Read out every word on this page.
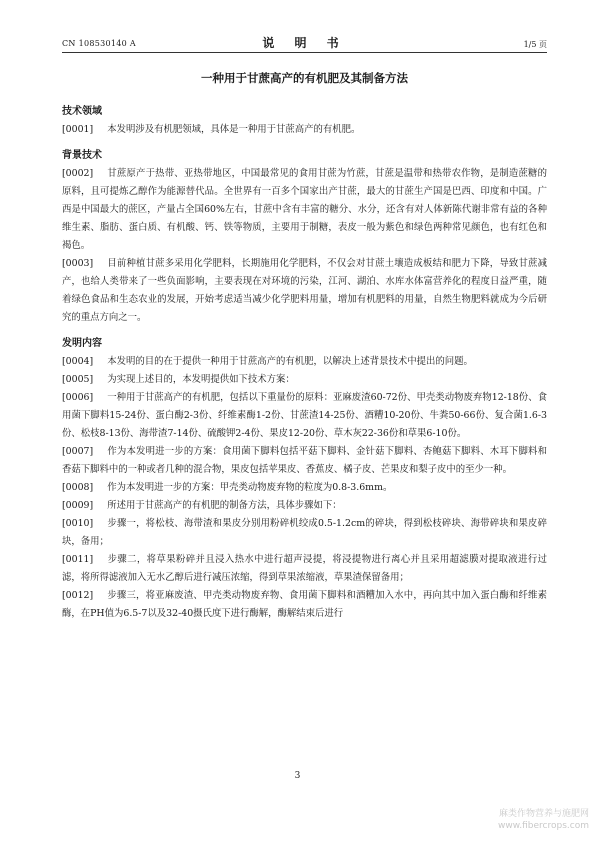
CN 108530140 A	说 明 书	1/5 页
一种用于甘蔗高产的有机肥及其制备方法
技术领域
[0001] 本发明涉及有机肥领域，具体是一种用于甘蔗高产的有机肥。
背景技术
[0002] 甘蔗原产于热带、亚热带地区，中国最常见的食用甘蔗为竹蔗，甘蔗是温带和热带农作物，是制造蔗糖的原料，且可提炼乙醇作为能源替代品。全世界有一百多个国家出产甘蔗，最大的甘蔗生产国是巴西、印度和中国。广西是中国最大的蔗区，产量占全国60%左右，甘蔗中含有丰富的糖分、水分，还含有对人体新陈代谢非常有益的各种维生素、脂肪、蛋白质、有机酸、钙、铁等物质，主要用于制糖，表皮一般为紫色和绿色两种常见颜色，也有红色和褐色。
[0003] 目前种植甘蔗多采用化学肥料，长期施用化学肥料，不仅会对甘蔗土壤造成板结和肥力下降，导致甘蔗减产，也给人类带来了一些负面影响，主要表现在对环境的污染，江河、湖泊、水库水体富营养化的程度日益严重，随着绿色食品和生态农业的发展，开始考虑适当减少化学肥料用量，增加有机肥料的用量，自然生物肥料就成为今后研究的重点方向之一。
发明内容
[0004] 本发明的目的在于提供一种用于甘蔗高产的有机肥，以解决上述背景技术中提出的问题。
[0005] 为实现上述目的，本发明提供如下技术方案：
[0006] 一种用于甘蔗高产的有机肥，包括以下重量份的原料：亚麻废渣60-72份、甲壳类动物废弃物12-18份、食用菌下脚料15-24份、蛋白酶2-3份、纤维素酶1-2份、甘蔗渣14-25份、酒糟10-20份、牛粪50-66份、复合菌1.6-3份、松枝8-13份、海带渣7-14份、硫酸钾2-4份、果皮12-20份、草木灰22-36份和草果6-10份。
[0007] 作为本发明进一步的方案：食用菌下脚料包括平菇下脚料、金针菇下脚料、杏鲍菇下脚料、木耳下脚料和香菇下脚料中的一种或者几种的混合物，果皮包括苹果皮、香蕉皮、橘子皮、芒果皮和梨子皮中的至少一种。
[0008] 作为本发明进一步的方案：甲壳类动物废弃物的粒度为0.8-3.6mm。
[0009] 所述用于甘蔗高产的有机肥的制备方法，具体步骤如下：
[0010] 步骤一，将松枝、海带渣和果皮分别用粉碎机绞成0.5-1.2cm的碎块，得到松枝碎块、海带碎块和果皮碎块，备用；
[0011] 步骤二，将草果粉碎并且浸入热水中进行超声浸提，将浸提物进行离心并且采用超滤膜对提取液进行过滤，将所得滤液加入无水乙醇后进行减压浓缩，得到草果浓缩液，草果渣保留备用；
[0012] 步骤三，将亚麻废渣、甲壳类动物废弃物、食用菌下脚料和酒糟加入水中，再向其中加入蛋白酶和纤维素酶，在PH值为6.5-7以及32-40摄氏度下进行酶解，酶解结束后进行
3
麻类作物营养与施肥网
www.fibercrops.com
